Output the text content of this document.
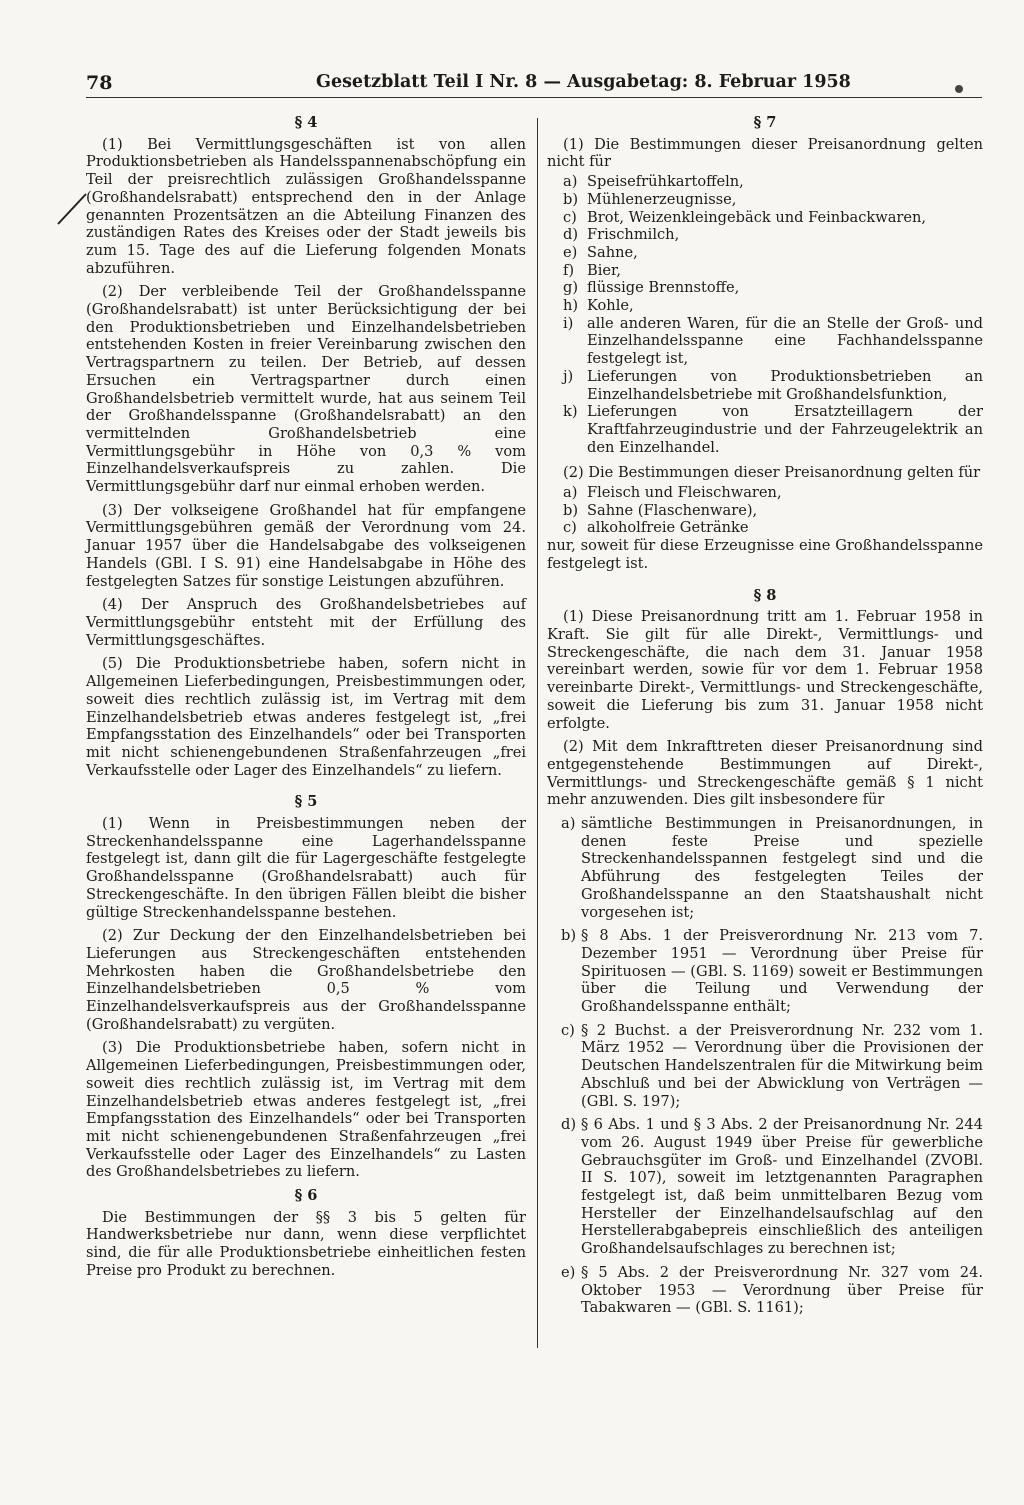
78	Gesetzblatt Teil I Nr. 8 — Ausgabetag: 8. Februar 1958
§ 4

(1) Bei Vermittlungsgeschäften ist von allen Produktionsbetrieben als Handelsspannenabschöpfung ein Teil der preisrechtlich zulässigen Großhandelsspanne (Großhandelsrabatt) entsprechend den in der Anlage genannten Prozentsätzen an die Abteilung Finanzen des zuständigen Rates des Kreises oder der Stadt jeweils bis zum 15. Tage des auf die Lieferung folgenden Monats abzuführen.

(2) Der verbleibende Teil der Großhandelsspanne (Großhandelsrabatt) ist unter Berücksichtigung der bei den Produktionsbetrieben und Einzelhandelsbetrieben entstehenden Kosten in freier Vereinbarung zwischen den Vertragspartnern zu teilen. Der Betrieb, auf dessen Ersuchen ein Vertragspartner durch einen Großhandelsbetrieb vermittelt wurde, hat aus seinem Teil der Großhandelsspanne (Großhandelsrabatt) an den vermittelnden Großhandelsbetrieb eine Vermittlungsgebühr in Höhe von 0,3 % vom Einzelhandelsverkaufspreis zu zahlen. Die Vermittlungsgebühr darf nur einmal erhoben werden.

(3) Der volkseigene Großhandel hat für empfangene Vermittlungsgebühren gemäß der Verordnung vom 24. Januar 1957 über die Handelsabgabe des volkseigenen Handels (GBl. I S. 91) eine Handelsabgabe in Höhe des festgelegten Satzes für sonstige Leistungen abzuführen.

(4) Der Anspruch des Großhandelsbetriebes auf Vermittlungsgebühr entsteht mit der Erfüllung des Vermittlungsgeschäftes.

(5) Die Produktionsbetriebe haben, sofern nicht in Allgemeinen Lieferbedingungen, Preisbestimmungen oder, soweit dies rechtlich zulässig ist, im Vertrag mit dem Einzelhandelsbetrieb etwas anderes festgelegt ist, „frei Empfangsstation des Einzelhandels“ oder bei Transporten mit nicht schienengebundenen Straßenfahrzeugen „frei Verkaufsstelle oder Lager des Einzelhandels“ zu liefern.

§ 5

(1) Wenn in Preisbestimmungen neben der Streckenhandelsspanne eine Lagerhandelsspanne festgelegt ist, dann gilt die für Lagergeschäfte festgelegte Großhandelsspanne (Großhandelsrabatt) auch für Streckengeschäfte. In den übrigen Fällen bleibt die bisher gültige Streckenhandelsspanne bestehen.

(2) Zur Deckung der den Einzelhandelsbetrieben bei Lieferungen aus Streckengeschäften entstehenden Mehrkosten haben die Großhandelsbetriebe den Einzelhandelsbetrieben 0,5 % vom Einzelhandelsverkaufspreis aus der Großhandelsspanne (Großhandelsrabatt) zu vergüten.

(3) Die Produktionsbetriebe haben, sofern nicht in Allgemeinen Lieferbedingungen, Preisbestimmungen oder, soweit dies rechtlich zulässig ist, im Vertrag mit dem Einzelhandelsbetrieb etwas anderes festgelegt ist, „frei Empfangsstation des Einzelhandels“ oder bei Transporten mit nicht schienengebundenen Straßenfahrzeugen „frei Verkaufsstelle oder Lager des Einzelhandels“ zu Lasten des Großhandelsbetriebes zu liefern.

§ 6

Die Bestimmungen der §§ 3 bis 5 gelten für Handwerksbetriebe nur dann, wenn diese verpflichtet sind, die für alle Produktionsbetriebe einheitlichen festen Preise pro Produkt zu berechnen.

§ 7

(1) Die Bestimmungen dieser Preisanordnung gelten nicht für

a) Speisefrühkartoffeln,
b) Mühlenerzeugnisse,
c) Brot, Weizenkleingebäck und Feinbackwaren,
d) Frischmilch,
e) Sahne,
f) Bier,
g) flüssige Brennstoffe,
h) Kohle,
i) alle anderen Waren, für die an Stelle der Groß- und Einzelhandelsspanne eine Fachhandelsspanne festgelegt ist,
j) Lieferungen von Produktionsbetrieben an Einzelhandelsbetriebe mit Großhandelsfunktion,
k) Lieferungen von Ersatzteillagern der Kraftfahrzeugindustrie und der Fahrzeugelektrik an den Einzelhandel.

(2) Die Bestimmungen dieser Preisanordnung gelten für

a) Fleisch und Fleischwaren,
b) Sahne (Flaschenware),
c) alkoholfreie Getränke

nur, soweit für diese Erzeugnisse eine Großhandelsspanne festgelegt ist.

§ 8

(1) Diese Preisanordnung tritt am 1. Februar 1958 in Kraft. Sie gilt für alle Direkt-, Vermittlungs- und Streckengeschäfte, die nach dem 31. Januar 1958 vereinbart werden, sowie für vor dem 1. Februar 1958 vereinbarte Direkt-, Vermittlungs- und Streckengeschäfte, soweit die Lieferung bis zum 31. Januar 1958 nicht erfolgte.

(2) Mit dem Inkrafttreten dieser Preisanordnung sind entgegenstehende Bestimmungen auf Direkt-, Vermittlungs- und Streckengeschäfte gemäß § 1 nicht mehr anzuwenden. Dies gilt insbesondere für

a) sämtliche Bestimmungen in Preisanordnungen, in denen feste Preise und spezielle Streckenhandelsspannen festgelegt sind und die Abführung des festgelegten Teiles der Großhandelsspanne an den Staatshaushalt nicht vorgesehen ist;
b) § 8 Abs. 1 der Preisverordnung Nr. 213 vom 7. Dezember 1951 — Verordnung über Preise für Spirituosen — (GBl. S. 1169) soweit er Bestimmungen über die Teilung und Verwendung der Großhandelsspanne enthält;
c) § 2 Buchst. a der Preisverordnung Nr. 232 vom 1. März 1952 — Verordnung über die Provisionen der Deutschen Handelszentralen für die Mitwirkung beim Abschluß und bei der Abwicklung von Verträgen — (GBl. S. 197);
d) § 6 Abs. 1 und § 3 Abs. 2 der Preisanordnung Nr. 244 vom 26. August 1949 über Preise für gewerbliche Gebrauchsgüter im Groß- und Einzelhandel (ZVOBl. II S. 107), soweit im letztgenannten Paragraphen festgelegt ist, daß beim unmittelbaren Bezug vom Hersteller der Einzelhandelsaufschlag auf den Herstellerabgabepreis einschließlich des anteiligen Großhandelsaufschlages zu berechnen ist;
e) § 5 Abs. 2 der Preisverordnung Nr. 327 vom 24. Oktober 1953 — Verordnung über Preise für Tabakwaren — (GBl. S. 1161);
